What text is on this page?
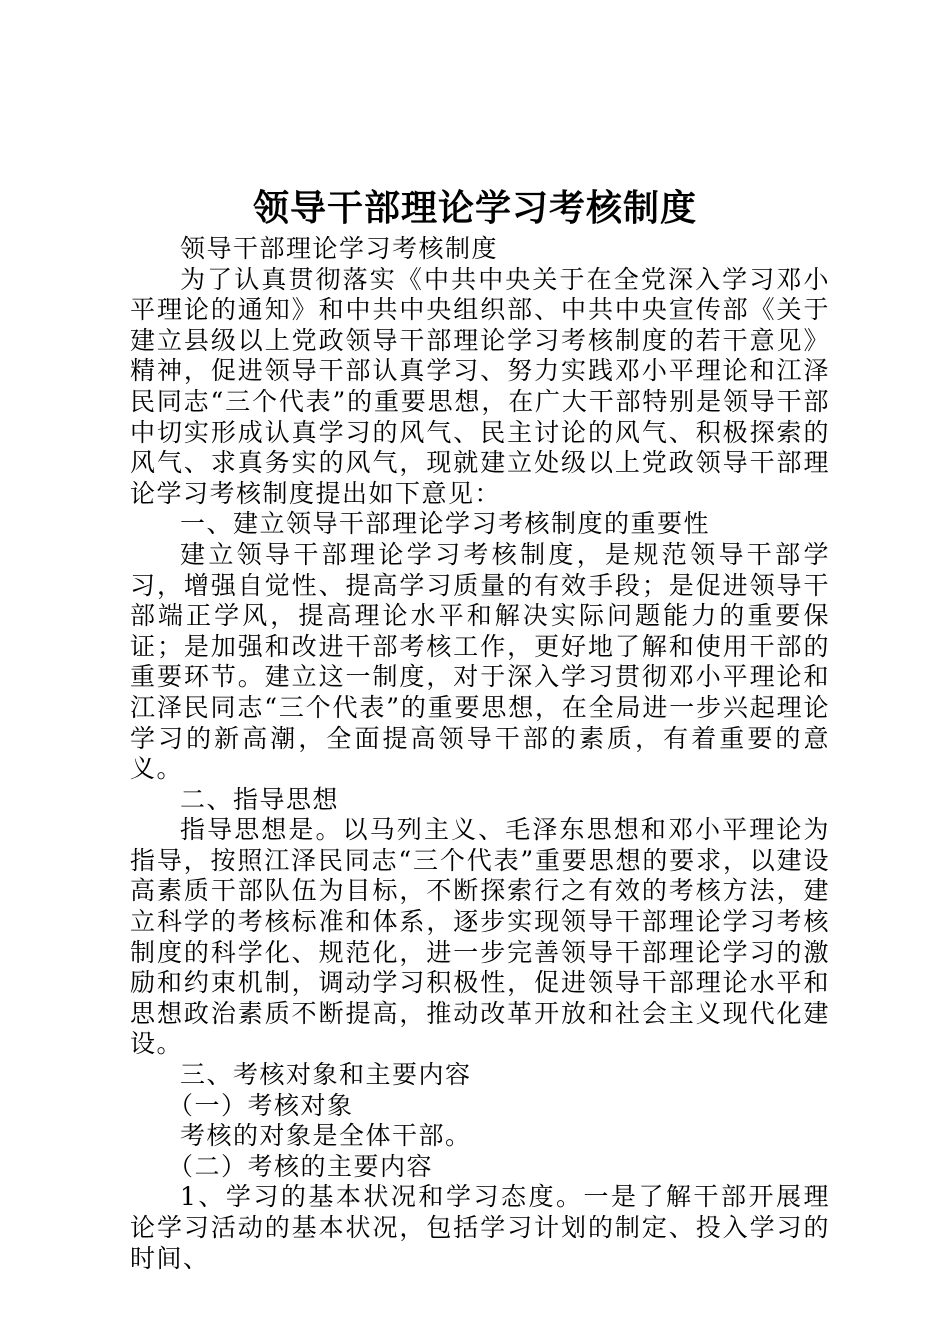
领导干部理论学习考核制度

领导干部理论学习考核制度

为了认真贯彻落实《中共中央关于在全党深入学习邓小平理论的通知》和中共中央组织部、中共中央宣传部《关于建立县级以上党政领导干部理论学习考核制度的若干意见》精神，促进领导干部认真学习、努力实践邓小平理论和江泽民同志“三个代表”的重要思想，在广大干部特别是领导干部中切实形成认真学习的风气、民主讨论的风气、积极探索的风气、求真务实的风气，现就建立处级以上党政领导干部理论学习考核制度提出如下意见：

一、建立领导干部理论学习考核制度的重要性

建立领导干部理论学习考核制度，是规范领导干部学习，增强自觉性、提高学习质量的有效手段；是促进领导干部端正学风，提高理论水平和解决实际问题能力的重要保证；是加强和改进干部考核工作，更好地了解和使用干部的重要环节。建立这一制度，对于深入学习贯彻邓小平理论和江泽民同志“三个代表”的重要思想，在全局进一步兴起理论学习的新高潮，全面提高领导干部的素质，有着重要的意义。

二、指导思想

指导思想是。以马列主义、毛泽东思想和邓小平理论为指导，按照江泽民同志“三个代表”重要思想的要求，以建设高素质干部队伍为目标，不断探索行之有效的考核方法，建立科学的考核标准和体系，逐步实现领导干部理论学习考核制度的科学化、规范化，进一步完善领导干部理论学习的激励和约束机制，调动学习积极性，促进领导干部理论水平和思想政治素质不断提高，推动改革开放和社会主义现代化建设。

三、考核对象和主要内容

（一）考核对象

考核的对象是全体干部。

（二）考核的主要内容

1、学习的基本状况和学习态度。一是了解干部开展理论学习活动的基本状况，包括学习计划的制定、投入学习的时间、
